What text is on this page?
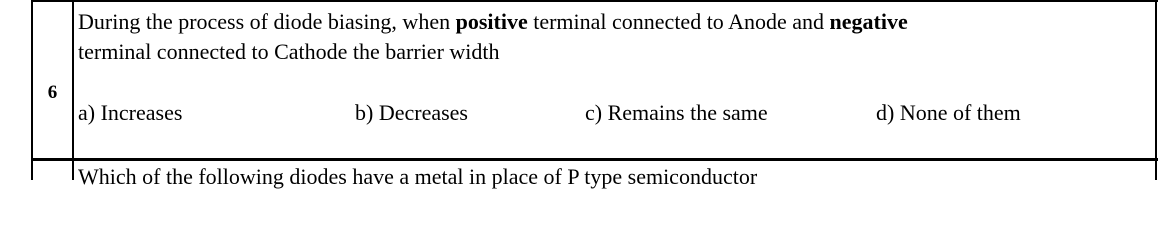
6
During the process of diode biasing, when positive terminal connected to Anode and negative
terminal connected to Cathode the barrier width
a) Increases	b) Decreases	c) Remains the same	d) None of them
Which of the following diodes have a metal in place of P type semiconductor
